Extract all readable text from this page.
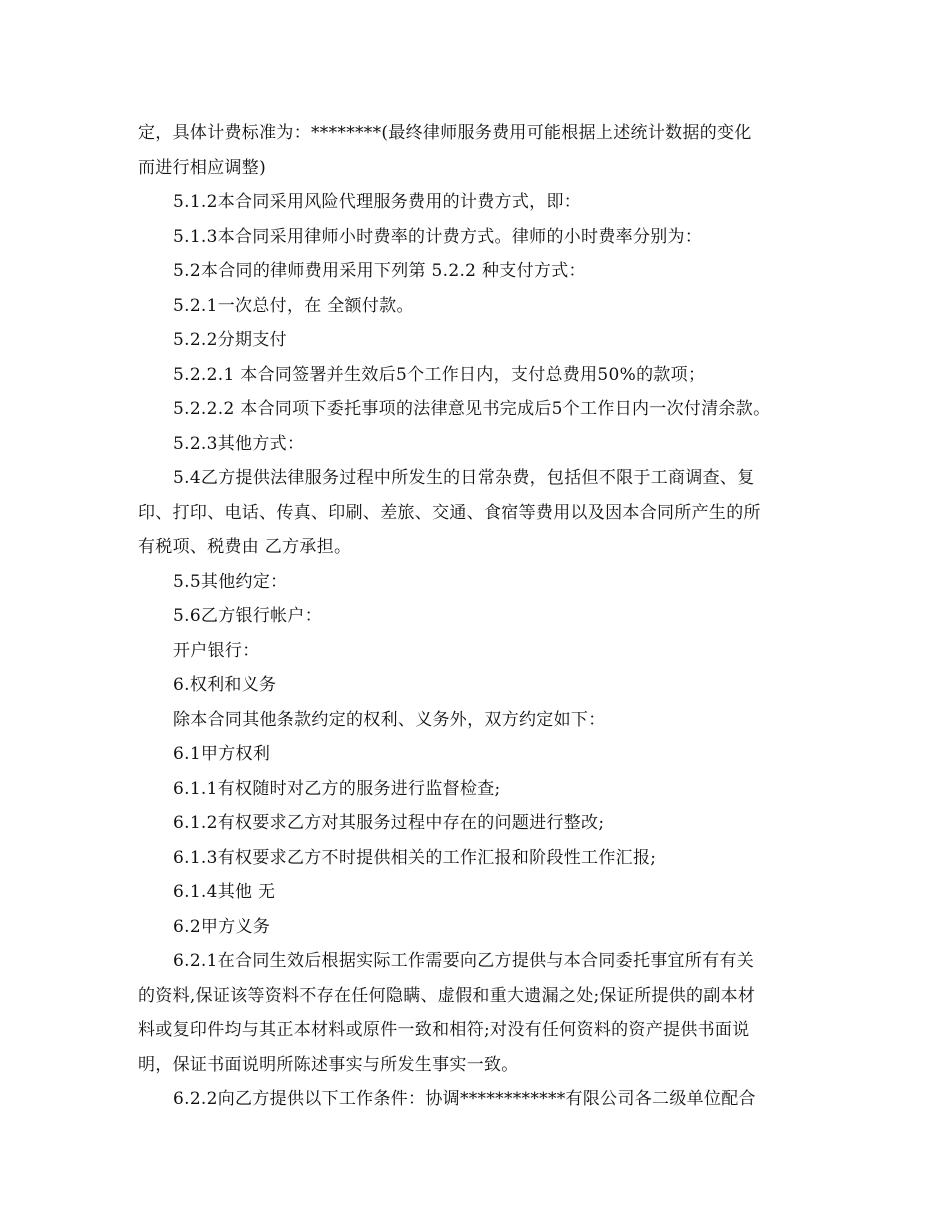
定，具体计费标准为：********(最终律师服务费用可能根据上述统计数据的变化
而进行相应调整)
5.1.2本合同采用风险代理服务费用的计费方式，即：
5.1.3本合同采用律师小时费率的计费方式。律师的小时费率分别为：
5.2本合同的律师费用采用下列第 5.2.2 种支付方式：
5.2.1一次总付，在 全额付款。
5.2.2分期支付
5.2.2.1 本合同签署并生效后5个工作日内，支付总费用50%的款项；
5.2.2.2 本合同项下委托事项的法律意见书完成后5个工作日内一次付清余款。
5.2.3其他方式：
5.4乙方提供法律服务过程中所发生的日常杂费，包括但不限于工商调查、复
印、打印、电话、传真、印刷、差旅、交通、食宿等费用以及因本合同所产生的所
有税项、税费由 乙方承担。
5.5其他约定：
5.6乙方银行帐户：
开户银行：
6.权利和义务
除本合同其他条款约定的权利、义务外，双方约定如下：
6.1甲方权利
6.1.1有权随时对乙方的服务进行监督检查;
6.1.2有权要求乙方对其服务过程中存在的问题进行整改;
6.1.3有权要求乙方不时提供相关的工作汇报和阶段性工作汇报;
6.1.4其他 无
6.2甲方义务
6.2.1在合同生效后根据实际工作需要向乙方提供与本合同委托事宜所有有关
的资料,保证该等资料不存在任何隐瞒、虚假和重大遗漏之处;保证所提供的副本材
料或复印件均与其正本材料或原件一致和相符;对没有任何资料的资产提供书面说
明，保证书面说明所陈述事实与所发生事实一致。
6.2.2向乙方提供以下工作条件：协调************有限公司各二级单位配合
